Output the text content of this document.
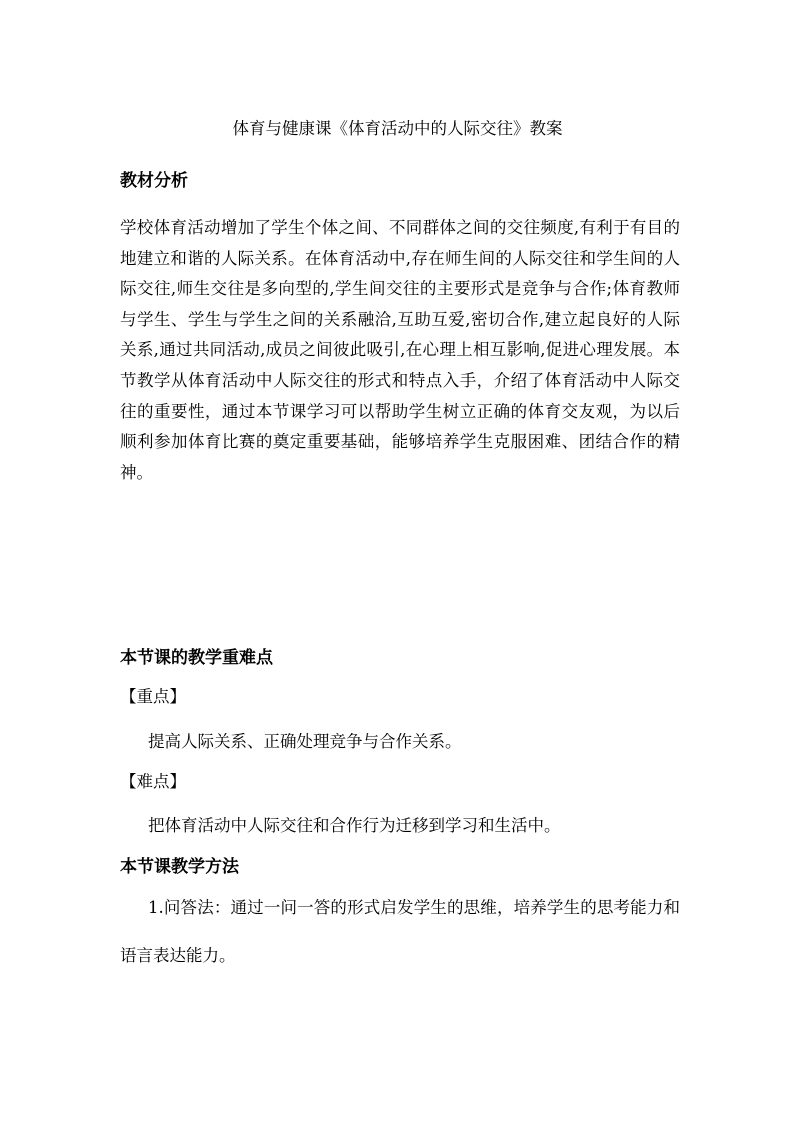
体育与健康课《体育活动中的人际交往》教案
教材分析

学校体育活动增加了学生个体之间、不同群体之间的交往频度,有利于有目的地建立和谐的人际关系。在体育活动中,存在师生间的人际交往和学生间的人际交往,师生交往是多向型的,学生间交往的主要形式是竞争与合作;体育教师与学生、学生与学生之间的关系融洽,互助互爱,密切合作,建立起良好的人际关系,通过共同活动,成员之间彼此吸引,在心理上相互影响,促进心理发展。本节教学从体育活动中人际交往的形式和特点入手，介绍了体育活动中人际交往的重要性，通过本节课学习可以帮助学生树立正确的体育交友观，为以后顺利参加体育比赛的奠定重要基础，能够培养学生克服困难、团结合作的精神。

本节课的教学重难点

【重点】

提高人际关系、正确处理竞争与合作关系。

【难点】

把体育活动中人际交往和合作行为迁移到学习和生活中。

本节课教学方法

1.问答法：通过一问一答的形式启发学生的思维，培养学生的思考能力和语言表达能力。
